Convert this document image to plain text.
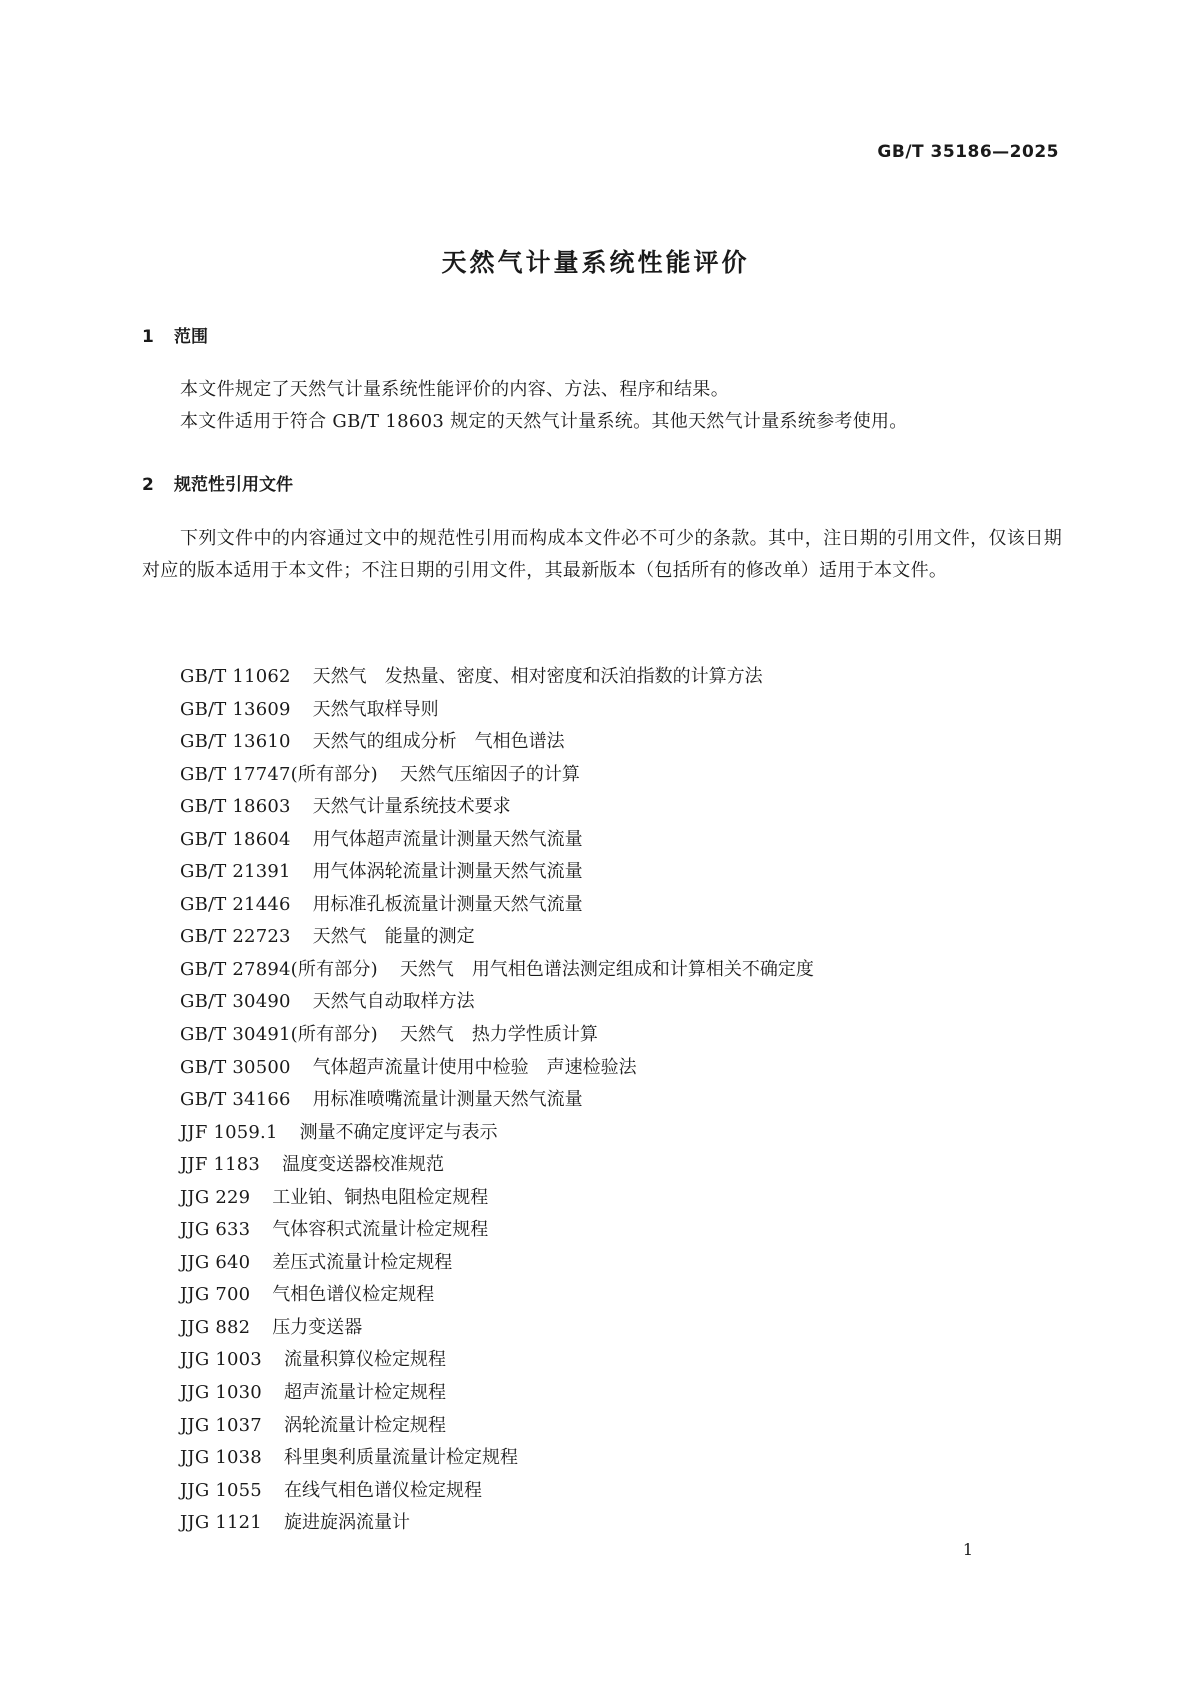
GB/T 35186—2025
天然气计量系统性能评价
1 范围
本文件规定了天然气计量系统性能评价的内容、方法、程序和结果。
本文件适用于符合 GB/T 18603 规定的天然气计量系统。其他天然气计量系统参考使用。
2 规范性引用文件
下列文件中的内容通过文中的规范性引用而构成本文件必不可少的条款。其中，注日期的引用文件，仅该日期对应的版本适用于本文件；不注日期的引用文件，其最新版本（包括所有的修改单）适用于本文件。
GB/T 11062 天然气　发热量、密度、相对密度和沃泊指数的计算方法
GB/T 13609 天然气取样导则
GB/T 13610 天然气的组成分析　气相色谱法
GB/T 17747(所有部分) 天然气压缩因子的计算
GB/T 18603 天然气计量系统技术要求
GB/T 18604 用气体超声流量计测量天然气流量
GB/T 21391 用气体涡轮流量计测量天然气流量
GB/T 21446 用标准孔板流量计测量天然气流量
GB/T 22723 天然气　能量的测定
GB/T 27894(所有部分) 天然气　用气相色谱法测定组成和计算相关不确定度
GB/T 30490 天然气自动取样方法
GB/T 30491(所有部分) 天然气　热力学性质计算
GB/T 30500 气体超声流量计使用中检验　声速检验法
GB/T 34166 用标准喷嘴流量计测量天然气流量
JJF 1059.1 测量不确定度评定与表示
JJF 1183 温度变送器校准规范
JJG 229 工业铂、铜热电阻检定规程
JJG 633 气体容积式流量计检定规程
JJG 640 差压式流量计检定规程
JJG 700 气相色谱仪检定规程
JJG 882 压力变送器
JJG 1003 流量积算仪检定规程
JJG 1030 超声流量计检定规程
JJG 1037 涡轮流量计检定规程
JJG 1038 科里奥利质量流量计检定规程
JJG 1055 在线气相色谱仪检定规程
JJG 1121 旋进旋涡流量计
1
